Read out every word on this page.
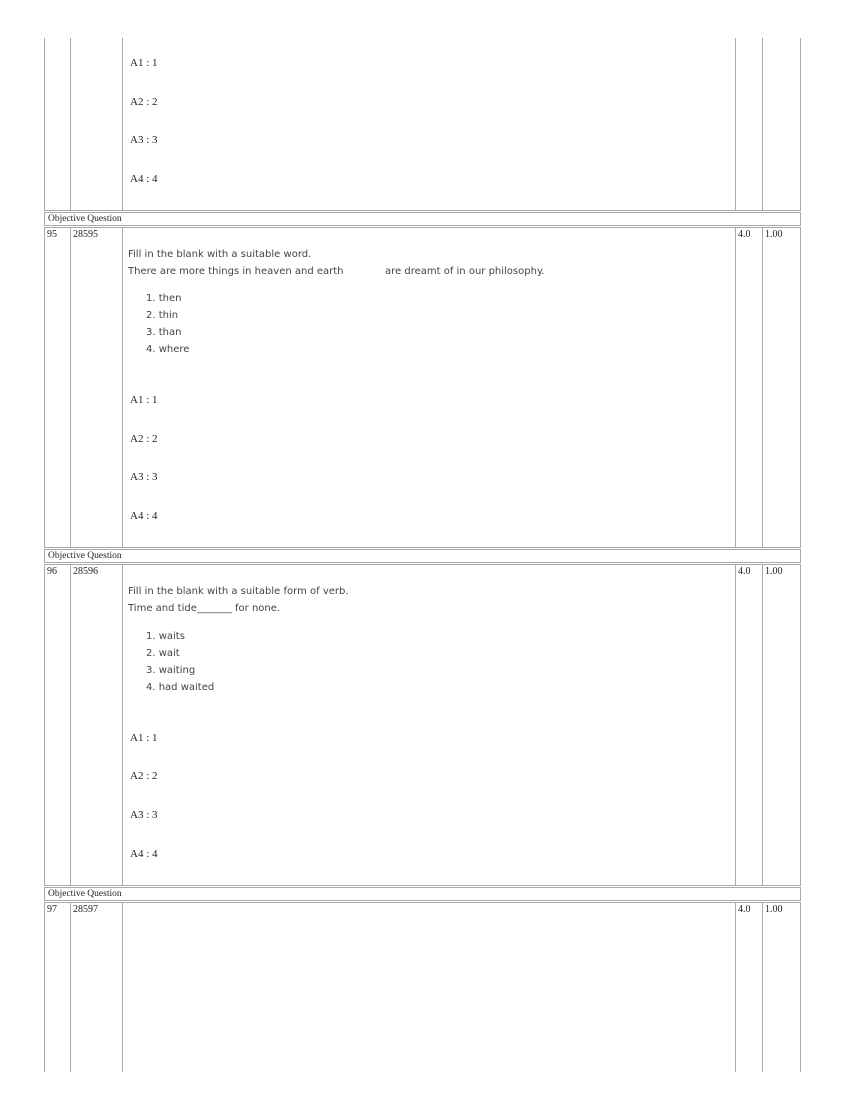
A1 : 1
A2 : 2
A3 : 3
A4 : 4
Objective Question
95 28595	4.0 1.00
Fill in the blank with a suitable word.
There are more things in heaven and earth	are dreamt of in our philosophy.
1. then
2. thin
3. than
4. where
A1 : 1
A2 : 2
A3 : 3
A4 : 4
Objective Question
96 28596	4.0 1.00
Fill in the blank with a suitable form of verb.
Time and tide_______ for none.
1. waits
2. wait
3. waiting
4. had waited
A1 : 1
A2 : 2
A3 : 3
A4 : 4
Objective Question
97 28597	4.0 1.00
